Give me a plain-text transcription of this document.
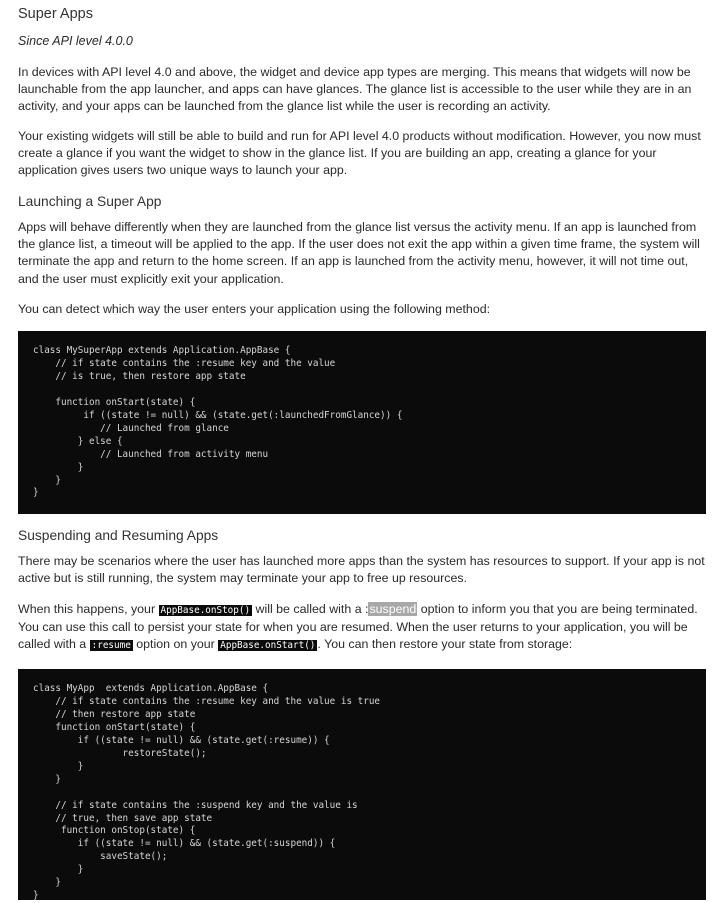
Super Apps

Since API level 4.0.0

In devices with API level 4.0 and above, the widget and device app types are merging. This means that widgets will now be launchable from the app launcher, and apps can have glances. The glance list is accessible to the user while they are in an activity, and your apps can be launched from the glance list while the user is recording an activity.

Your existing widgets will still be able to build and run for API level 4.0 products without modification. However, you now must create a glance if you want the widget to show in the glance list. If you are building an app, creating a glance for your application gives users two unique ways to launch your app.

Launching a Super App

Apps will behave differently when they are launched from the glance list versus the activity menu. If an app is launched from the glance list, a timeout will be applied to the app. If the user does not exit the app within a given time frame, the system will terminate the app and return to the home screen. If an app is launched from the activity menu, however, it will not time out, and the user must explicitly exit your application.

You can detect which way the user enters your application using the following method:

class MySuperApp extends Application.AppBase {
// if state contains the :resume key and the value
// is true, then restore app state

function onStart(state) {
if ((state != null) && (state.get(:launchedFromGlance)) {
// Launched from glance
} else {
// Launched from activity menu
}
}
}
Suspending and Resuming Apps

There may be scenarios where the user has launched more apps than the system has resources to support. If your app is not active but is still running, the system may terminate your app to free up resources.

When this happens, your AppBase.onStop() will be called with a :suspend option to inform you that you are being terminated. You can use this call to persist your state for when you are resumed. When the user returns to your application, you will be called with a :resume option on your AppBase.onStart() . You can then restore your state from storage:

class MyApp  extends Application.AppBase {
// if state contains the :resume key and the value is true
// then restore app state
function onStart(state) {
if ((state != null) && (state.get(:resume)) {
restoreState();
}
}

// if state contains the :suspend key and the value is
// true, then save app state
function onStop(state) {
if ((state != null) && (state.get(:suspend)) {
saveState();
}
}
}
